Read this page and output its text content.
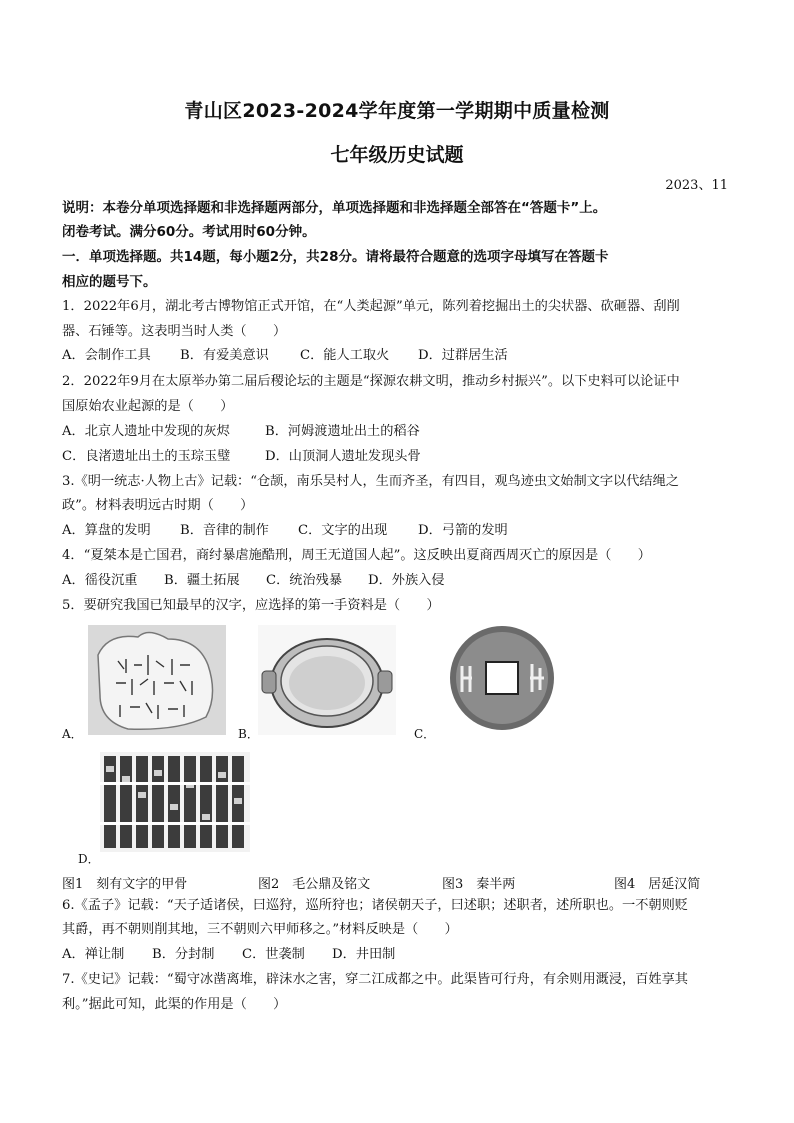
青山区2023-2024学年度第一学期期中质量检测
七年级历史试题
2023、11
说明：本卷分单项选择题和非选择题两部分，单项选择题和非选择题全部答在“答题卡”上。
闭卷考试。满分60分。考试用时60分钟。
一．单项选择题。共14题，每小题2分，共28分。请将最符合题意的选项字母填写在答题卡
相应的题号下。
1．2022年6月，湖北考古博物馆正式开馆，在“人类起源”单元，陈列着挖掘出土的尖状器、砍砸器、刮削
器、石锤等。这表明当时人类（　　）
A．会制作工具 B．有爱美意识 C．能人工取火 D．过群居生活
2．2022年9月在太原举办第二届后稷论坛的主题是“探源农耕文明，推动乡村振兴”。以下史料可以论证中
国原始农业起源的是（　　）
A．北京人遗址中发现的灰烬	B．河姆渡遗址出土的稻谷
C．良渚遗址出土的玉琮玉璧	D．山顶洞人遗址发现头骨
3.《明一统志·人物上古》记载：“仓颉，南乐吴村人，生而齐圣，有四目，观鸟迹虫文始制文字以代结绳之
政”。材料表明远古时期（　　）
A．算盘的发明 B．音律的制作 C．文字的出现 D．弓箭的发明
4．“夏桀本是亡国君，商纣暴虐施酷刑，周王无道国人起”。这反映出夏商西周灭亡的原因是（　　）
A．徭役沉重 B．疆土拓展 C．统治残暴 D．外族入侵
5．要研究我国已知最早的汉字，应选择的第一手资料是（　　）
A．	B．	C．
D．
图1　刻有文字的甲骨	图2　毛公鼎及铭文	图3　秦半两	图4　居延汉简
6.《孟子》记载：“天子适诸侯，曰巡狩，巡所狩也；诸侯朝天子，曰述职；述职者，述所职也。一不朝则贬
其爵，再不朝则削其地，三不朝则六甲师移之。”材料反映是（　　）
A．禅让制 B．分封制 C．世袭制 D．井田制
7.《史记》记载：“蜀守冰凿离堆，辟沫水之害，穿二江成都之中。此渠皆可行舟，有余则用溉浸，百姓享其
利。”据此可知，此渠的作用是（　　）
